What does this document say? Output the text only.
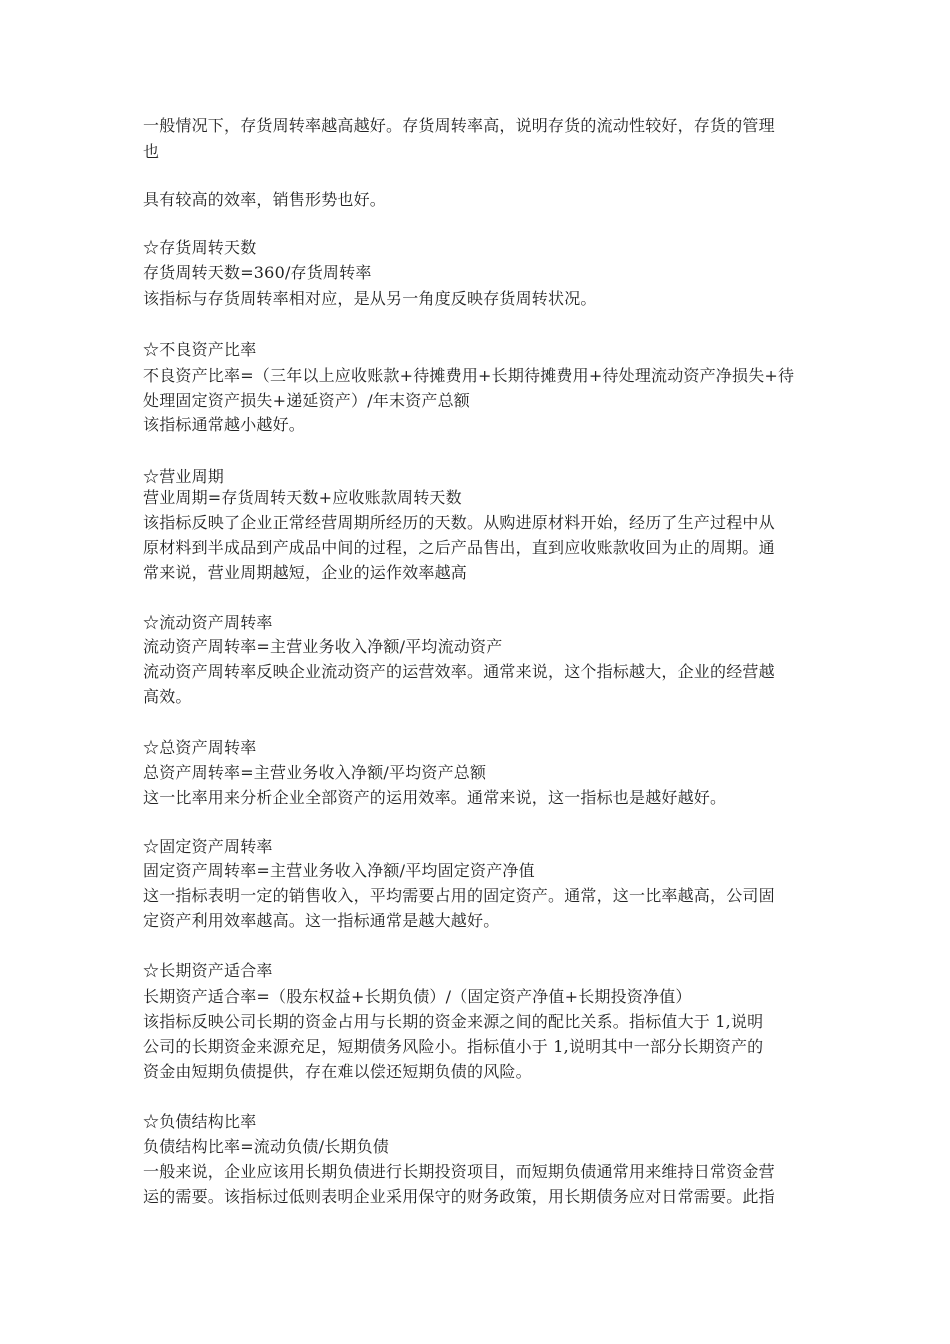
一般情况下，存货周转率越高越好。存货周转率高，说明存货的流动性较好，存货的管理
也
具有较高的效率，销售形势也好。
☆存货周转天数
存货周转天数=360/存货周转率
该指标与存货周转率相对应，是从另一角度反映存货周转状况。
☆不良资产比率
不良资产比率=（三年以上应收账款+待摊费用+长期待摊费用+待处理流动资产净损失+待
处理固定资产损失+递延资产）/年末资产总额
该指标通常越小越好。
☆营业周期
营业周期=存货周转天数+应收账款周转天数
该指标反映了企业正常经营周期所经历的天数。从购进原材料开始，经历了生产过程中从
原材料到半成品到产成品中间的过程，之后产品售出，直到应收账款收回为止的周期。通
常来说，营业周期越短，企业的运作效率越高
☆流动资产周转率
流动资产周转率=主营业务收入净额/平均流动资产
流动资产周转率反映企业流动资产的运营效率。通常来说，这个指标越大，企业的经营越
高效。
☆总资产周转率
总资产周转率=主营业务收入净额/平均资产总额
这一比率用来分析企业全部资产的运用效率。通常来说，这一指标也是越好越好。
☆固定资产周转率
固定资产周转率=主营业务收入净额/平均固定资产净值
这一指标表明一定的销售收入，平均需要占用的固定资产。通常，这一比率越高，公司固
定资产利用效率越高。这一指标通常是越大越好。
☆长期资产适合率
长期资产适合率=（股东权益+长期负债）/（固定资产净值+长期投资净值）
该指标反映公司长期的资金占用与长期的资金来源之间的配比关系。指标值大于 1,说明
公司的长期资金来源充足，短期债务风险小。指标值小于 1,说明其中一部分长期资产的
资金由短期负债提供，存在难以偿还短期负债的风险。
☆负债结构比率
负债结构比率=流动负债/长期负债
一般来说，企业应该用长期负债进行长期投资项目，而短期负债通常用来维持日常资金营
运的需要。该指标过低则表明企业采用保守的财务政策，用长期债务应对日常需要。此指
